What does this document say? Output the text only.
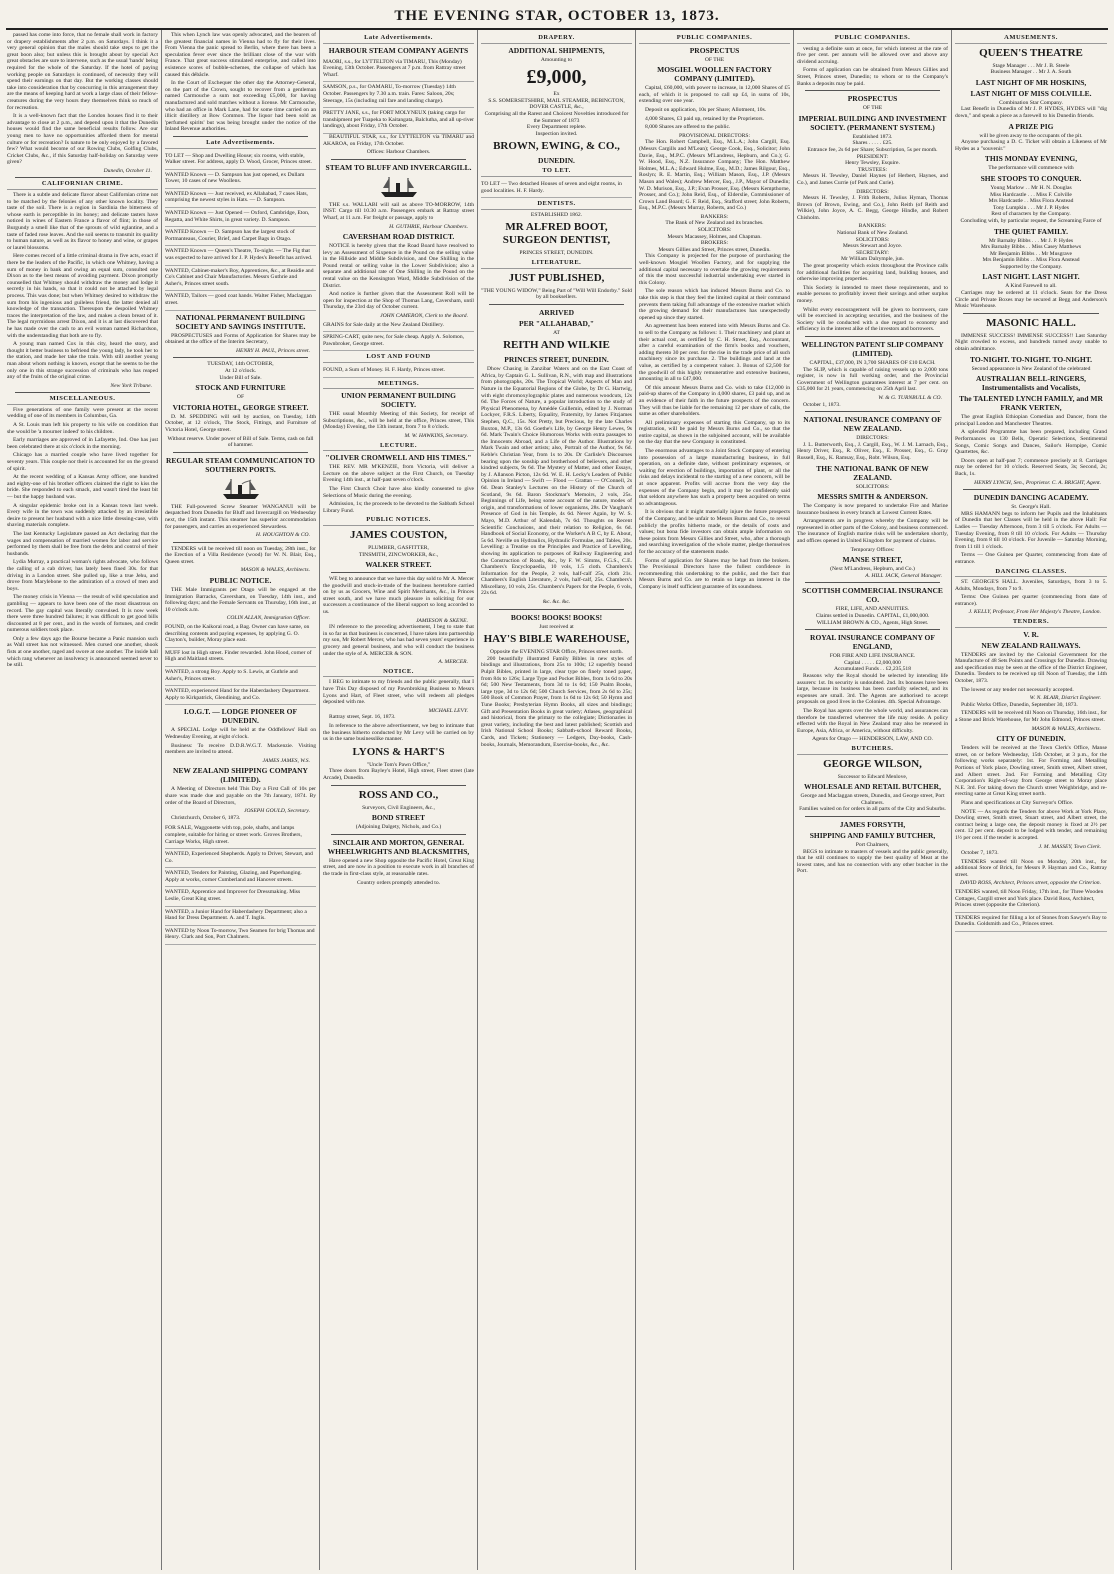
THE EVENING STAR, OCTOBER 13, 1873.

passed has come into force, that no female shall work in factory or drapery establishments after 2 p.m. on Saturdays. I think it a very general opinion that the males should take steps to get the great boon also; but unless this is brought about by special Act great obstacles are sure to intervene, such as the usual 'hands' being required for the whole of the Saturday. If the hotel of paying working people on Saturdays is continued, of necessity they will spend their earnings on that day. But the working classes should take into consideration that by concurring in this arrangement they are the means of keeping hard at work a large class of their fellow-creatures during the very hours they themselves think so much of for recreation.

It is a well-known fact that the London houses find it to their advantage to close at 2 p.m., and depend upon it that the Dunedin houses would find the same beneficial results follow. Are our young men to have no opportunities afforded them for mental culture or for recreation? Is nature to be only enjoyed by a favored few? What would become of our Rowing Clubs, Golfing Clubs, Cricket Clubs, &c., if this Saturday half-holiday on Saturday were given?

Dunedin, October 11.
CALIFORNIAN CRIME.

There is a subtle and delicate flavor about Californian crime not to be matched by the felonies of any other known locality. They taste of the soil. There is a region in Sardinia the bitterness of whose earth is perceptible in its honey; and delicate tasters have noticed in wines of Eastern France a flavor of flint; in those of Burgundy a smell like that of the sprouts of wild eglantine, and a taste of faded rose leaves. And the soil seems to transmit its quality to human nature, as well as its flavor to honey and wine, or grapes or laurel blossoms.

Here comes record of a little criminal drama in five acts, exact if there be the leaders of the Pacific, in which one Whitney, having a sum of money in bank and owing an equal sum, consulted one Dixon as to the best means of avoiding payment. Dixon promptly counselled that Whitney should withdraw the money and lodge it secretly in his hands, so that it could not be attached by legal process. This was done; but when Whitney desired to withdraw the sum from his ingenious and guileless friend, the latter denied all knowledge of the transaction. Thereupon the despoiled Whitney traces the interpretation of the law, and makes a clean breast of it. The legal myrmidons arrest Dixon, and it is at last discovered that he has made over the cash to an evil woman named Richardson, with the understanding that both are to fly.

A young man named Cox in this city, heard the story, and thought it better business to befriend the young lady, he took her to the station, and made her take the train. With still another young man about whom nothing is known, except that he seems to be the only one in this strange succession of criminals who has reaped any of the fruits of the original crime.

New York Tribune.
MISCELLANEOUS.

Five generations of one family were present at the recent wedding of one of its members in Columbus, Ga.

A St. Louis man left his property to his wife on condition that she would be 'a mourner indeed' to his children.

Early marriages are approved of in Lafayette, Ind. One has just been celebrated there at six o'clock in the morning.

Chicago has a married couple who have lived together for seventy years. This couple nor their is accounted for on the ground of spirit.

At the recent wedding of a Kansas Army officer, one hundred and eighty-one of his brother officers claimed the right to kiss the bride. She responded to each smack, and wasn't tired the least bit — but the happy husband was.

A singular epidemic broke out in a Kansas town last week. Every wife in the town was suddenly attacked by an irresistible desire to present her husband with a nice little dressing-case, with shaving materials complete.

The last Kentucky Legislature passed an Act declaring that the wages and compensation of married women for labor and service performed by them shall be free from the debts and control of their husbands.

Lydia Murray, a practical woman's rights advocate, who follows the calling of a cab driver, has lately been fined 30s. for that driving in a London street. She pulled up, like a true Jehu, and drove from Marylebone to the admiration of a crowd of men and boys.

The money crisis in Vienna — the result of wild speculation and gambling — appears to have been one of the most disastrous on record. The gay capital was literally convulsed. It is now week there were three hundred failures; it was difficult to get good bills discounted at 8 per cent., and in the words of fortunes, and credit numerous soldiers took place.

Only a few days ago the Bourse became a Panic mansion such as Wall street has not witnessed. Men cursed one another, shook fists at one another, raged and swore at one another. The inside hall which rang whenever an insolvency is announced seemed never to be still.

This when Lynch law was openly advocated, and the bearers of the greatest financial names in Vienna had to fly for their lives. From Vienna the panic spread to Berlin, where there has been a speculation fever ever since the brilliant close of the war with France. That great success stimulated enterprise, and called into existence scores of bubble-schemes, the collapse of which has caused this débâcle.

In the Court of Exchequer the other day the Attorney-General, on the part of the Crown, sought to recover from a gentleman named Carmouche a sum not exceeding £5,000, for having manufactured and sold matches without a license. Mr Carmouche, who had an office in Mark Lane, had for some time carried on an illicit distillery at Bow Common. The liquor had been sold as 'perfumed spirits' but was being brought under the notice of the Inland Revenue authorities.

Late Advertisements.
TO LET — Shop and Dwelling House; six rooms, with stable, Walker street. For address, apply D. Wood, Grocer, Princes street.
WANTED Known — D. Sampson has just opened, ex Dullam Tower, 10 cases of new Woollens.
WANTED Known — Just received, ex Allahabad, 7 cases Hats, comprising the newest styles in Hats. — D. Sampson.
WANTED Known — Just Opened — Oxford, Cambridge, Eton, Regatta, and White Shirts, in great variety. D. Sampson.
WANTED Known — D. Sampson has the largest stock of Portmanteaus, Courier, Brief, and Carpet Bags in Otago.
WANTED Known — Queen's Theatre, To-night. — The Fig that was expected to have arrived for J. P. Hydes's Benefit has arrived.
WANTED, Cabinet-maker's Boy, Apprentices, &c., at Reaidie and Co's Cabinet and Chair Manufactories. Messrs Guthrie and Asher's, Princes street south.
WANTED, Tailors — good coat hands. Walter Fisher, Maclaggan street.
NATIONAL PERMANENT BUILDING SOCIETY AND SAVINGS INSTITUTE.
PROSPECTUSES and Forms of Application for Shares may be obtained at the office of the Interim Secretary,
HENRY H. PAUL, Princes street.
TUESDAY, 14th OCTOBER,
At 12 o'clock.
Under Bill of Sale.
STOCK AND FURNITURE
OF
VICTORIA HOTEL, GEORGE STREET.
D. M. SPEDDING will sell by auction, on Tuesday, 14th October, at 12 o'clock, The Stock, Fittings, and Furniture of Victoria Hotel, George street.
Without reserve. Under power of Bill of Sale. Terms, cash on fall of hammer.
REGULAR STEAM COMMUNICATION TO SOUTHERN PORTS.
THE Full-powered Screw Steamer WANGANUI will be despatched from Dunedin for Bluff and Invercargill on Wednesday next, the 15th instant. This steamer has superior accommodation for passengers, and carries an experienced Stewardess.
H. HOUGHTON & CO.
TENDERS will be received till noon on Tuesday, 28th inst., for the Erection of a Villa Residence (wood) for W. N. Blair, Esq., Queen street.
MASON & WALES, Architects.
PUBLIC NOTICE.
THE Male Immigrants per Otago will be engaged at the Immigration Barracks, Caversham, on Tuesday, 14th inst., and following days; and the Female Servants on Thursday, 16th inst., at 10 o'clock a.m.
COLIN ALLAN, Immigration Officer.
FOUND, on the Kaikorai road, a Bag. Owner can have same, on describing contents and paying expenses, by applying G. O. Clayton's, builder, Moray place east.
MUFF lost in High street. Finder rewarded. John Hood, corner of High and Maitland streets.
WANTED, a strong Boy. Apply to S. Lewis, at Guthrie and Asher's, Princes street.
WANTED, experienced Hand for the Haberdashery Department. Apply to Kirkpatrick, Glendining, and Co.
I.O.G.T. — LODGE PIONEER OF DUNEDIN.
A SPECIAL Lodge will be held at the Oddfellows' Hall on Wednesday Evening, at eight o'clock.
Business: To receive D.D.R.W.G.T. Mackenzie. Visiting members are invited to attend.
JAMES JAMES, W.S.
NEW ZEALAND SHIPPING COMPANY (LIMITED).
A Meeting of Directors held This Day a First Call of 10s per share was made due and payable on the 7th January, 1874. By order of the Board of Directors,
JOSEPH GOULD, Secretary.
Christchurch, October 6, 1873.
FOR SALE, Waggonette with top, pole, shafts, and lamps complete, suitable for hiring or street work. Groves Brothers, Carriage Works, High street.
WANTED, Experienced Shepherds. Apply to Driver, Stewart, and Co.
WANTED, Tenders for Painting, Glazing, and Paperhanging. Apply at works, corner Cumberland and Hanover streets.
WANTED, Apprentice and Improver for Dressmaking. Miss Leslie, Great King street.
WANTED, a Junior Hand for Haberdashery Department; also a Hand for Dress Department. A. and T. Inglis.
WANTED by Noon To-morrow, Two Seamen for brig Thomas and Henry. Clark and Son, Port Chalmers.
Late Advertisements.
HARBOUR STEAM COMPANY AGENTS
MAORI, s.s., for LYTTELTON via TIMARU, This (Monday) Evening, 13th October. Passengers at 7 p.m. from Rattray street Wharf.
SAMSON, p.s., for OAMARU, To-morrow (Tuesday) 14th October. Passengers by 7.30 a.m. train. Fares: Saloon, 20s; Steerage, 15s (including rail fare and landing charge).
PRETTY JANE, s.s., for FORT MOLYNEUX (taking cargo for transhipment per Tuapeka to Kaitangata, Balclutha, and all up-river landings), about Friday, 17th October.
BEAUTIFUL STAR, s.s., for LYTTELTON via TIMARU and AKAROA, on Friday, 17th October.
Offices: Harbour Chambers.
STEAM TO BLUFF AND INVERCARGILL.
THE s.s. WALLABI will sail as above TO-MORROW, 14th INST. Cargo till 10.30 a.m. Passengers embark at Rattray street Wharf, at 11 a.m. For freight or passage, apply to
H. GUTHRIE, Harbour Chambers.
CAVERSHAM ROAD DISTRICT.
NOTICE is hereby given that the Road Board have resolved to levy an Assessment of Sixpence in the Pound on the selling value in the Hillside and Middle Subdivision, and One Shilling in the Pound rental or selling value in the Lower Subdivision; also a separate and additional rate of One Shilling in the Pound on the rental value on the Kensington Ward, Middle Subdivision of the District.
And notice is further given that the Assessment Roll will be open for inspection at the Shop of Thomas Lang, Caversham, until Thursday, the 23rd day of October current.
JOHN CAMERON, Clerk to the Board.
GRAINS for Sale daily at the New Zealand Distillery.
SPRING-CART, quite new, for Sale cheap. Apply A. Solomon, Pawnbroker, George street.
LOST AND FOUND
FOUND, a Sum of Money. H. F. Hardy, Princes street.
MEETINGS.
UNION PERMANENT BUILDING SOCIETY.
THE usual Monthly Meeting of this Society, for receipt of Subscriptions, &c., will be held at the office, Princes street, This (Monday) Evening, the 13th instant, from 7 to 8 o'clock.
M. W. HAWKINS, Secretary.
LECTURE.
"OLIVER CROMWELL AND HIS TIMES."
THE REV. MR M'KENZIE, from Victoria, will deliver a Lecture on the above subject at the First Church, on Tuesday Evening 14th inst., at half-past seven o'clock.
The First Church Choir have also kindly consented to give Selections of Music during the evening.
Admission, 1s; the proceeds to be devoted to the Sabbath School Library Fund.
PUBLIC NOTICES.
JAMES COUSTON,
PLUMBER, GASFITTER,
TINSMITH, ZINCWORKER, &c.,
WALKER STREET.
WE beg to announce that we have this day sold to Mr A. Mercer the goodwill and stock-in-trade of the business heretofore carried on by us as Grocers, Wine and Spirit Merchants, &c., in Princes street south, and we have much pleasure in soliciting for our successors a continuance of the liberal support so long accorded to us.
JAMIESON & SKENE.
IN reference to the preceding advertisement, I beg to state that in so far as that business is concerned, I have taken into partnership my son, Mr Robert Mercer, who has had seven years' experience in grocery and general business, and who will conduct the business under the style of A. MERCER & SON.
A. MERCER.
NOTICE.
I BEG to intimate to my friends and the public generally, that I have This Day disposed of my Pawnbroking Business to Messrs Lyons and Hart, of Fleet street, who will redeem all pledges deposited with me.
MICHAEL LEVY.
Rattray street, Sept. 16, 1873.
In reference to the above advertisement, we beg to intimate that the business hitherto conducted by Mr Levy will be carried on by us in the same businesslike manner.
LYONS & HART'S
"Uncle Tom's Pawn Office,"
Three doors from Bayley's Hotel, High street, Fleet street (late Arcade), Dunedin.
ROSS AND CO.,
Surveyors, Civil Engineers, &c.,
BOND STREET
(Adjoining Dalgety, Nichols, and Co.)
SINCLAIR AND MORTON, GENERAL WHEELWRIGHTS AND BLACKSMITHS,
Have opened a new Shop opposite the Pacific Hotel, Great King street, and are now in a position to execute work in all branches of the trade in first-class style, at reasonable rates.
Country orders promptly attended to.
DRAPERY.
ADDITIONAL SHIPMENTS,
Amounting to
£9,000,
Ex
S.S. SOMERSETSHIRE, MAIL STEAMER, BEBINGTON, DOVER CASTLE, &c.,
Comprising all the Rarest and Choicest Novelties introduced for the Summer of 1873
Every Department replete.
Inspection invited.
BROWN, EWING, & CO.,
DUNEDIN.
TO LET.
TO LET — Two detached Houses of seven and eight rooms, in good localities. H. F. Hardy.
DENTISTS.
ESTABLISHED 1862.
MR ALFRED BOOT, SURGEON DENTIST,
PRINCES STREET, DUNEDIN.
LITERATURE.
JUST PUBLISHED,
"THE YOUNG WIDOW," Being Part of "Will Will Endorby." Sold by all booksellers.
ARRIVED
PER "ALLAHABAD,"
AT
REITH AND WILKIE
PRINCES STREET, DUNEDIN.
Dhow Chasing in Zanzibar Waters and on the East Coast of Africa, by Captain G. L. Sullivan, R.N., with map and illustrations from photographs, 20s. The Tropical World; Aspects of Man and Nature in the Equatorial Regions of the Globe, by Dr G. Hartwig, with eight chromoxylographic plates and numerous woodcuts, 12s 6d. The Forces of Nature, a popular introduction to the study of Physical Phenomena, by Amédée Guillemin, edited by J. Norman Lockyer, F.R.S. Liberty, Equality, Fraternity, by James Fitzjames Stephen, Q.C., 15s. Not Pretty, but Precious, by the late Charles Buxton, M.P., 13s 6d. Goethe's Life, by George Henry Lewes, 9s 6d. Mark Twain's Choice Humorous Works with extra passages to the Innocents Abroad, and a Life of the Author. Illustrations by Mark Twain and other artists; also, Portrait of the Author, 9s 6d. Keble's Christian Year, from 1s to 20s. Dr Carlisle's Discourses bearing upon the sonship and brotherhood of believers, and other kindred subjects, 9s 6d. The Mystery of Matter, and other Essays, by J. Allanson Picton, 12s 6d. W. E. H. Lecky's Leaders of Public Opinion in Ireland — Swift — Flood — Grattan — O'Connell, 2s 6d. Dean Stanley's Lectures on the History of the Church of Scotland, 9s 6d. Baron Stockmar's Memoirs, 2 vols, 25s. Beginnings of Life, being some account of the nature, modes of origin, and transformations of lower organisms, 28s. Dr Vaughan's Presence of God in his Temple, 4s 6d. Never Again, by W. S. Mayo, M.D. Arthur of Kalendah, 7s 6d. Thoughts on Recent Scientific Conclusions, and their relation to Religion, 6s 6d. Handbook of Social Economy, or the Worker's A B C, by E. About, 5s 6d. Neville on Hydraulics, Hydraulic Formulae, and Tables, 20s. Levelling: a Treatise on the Principles and Practice of Levelling, showing its application to purposes of Railway Engineering and the Construction of Roads, &c., by F. W. Simms, F.G.S., C.E. Chambers's Encyclopaedia, 10 vols, 1.5 cloth. Chambers's Information for the People, 2 vols, half-calf 25s, cloth 21s. Chambers's English Literature, 2 vols, half-calf, 25s. Chambers's Miscellany, 10 vols, 25s. Chambers's Papers for the People, 6 vols, 22s 6d.
&c. &c. &c.
BOOKS! BOOKS! BOOKS!
Just received at
HAY'S BIBLE WAREHOUSE,
Opposite the EVENING STAR Office, Princes street north.
200 beautifully illustrated Family Bibles in new styles of bindings and illustrations, from 25s to 100s; 12 superbly bound Pulpit Bibles, printed in large, clear type on finely toned paper, from 84s to 126s; Large Type and Pocket Bibles, from 1s 6d to 20s 6d; 500 New Testaments, from 3d to 1s 6d; 150 Psalm Books, large type, 3d to 12s 6d; 500 Church Services, from 2s 6d to 25s; 500 Book of Common Prayer, from 1s 6d to 12s 6d; 50 Hymn and Tune Books; Presbyterian Hymn Books, all sizes and bindings; Gift and Presentation Books in great variety; Atlases, geographical and historical, from the primary to the collegiate; Dictionaries in great variety, including the best and latest published; Scottish and Irish National School Books; Sabbath-school Reward Books, Cards, and Tickets; Stationery — Ledgers, Day-books, Cash-books, Journals, Memorandum, Exercise-books, &c., &c.
PUBLIC COMPANIES.
PROSPECTUS
OF THE
MOSGIEL WOOLLEN FACTORY COMPANY (LIMITED).
Capital, £60,000, with power to increase, in 12,000 Shares of £5 each, of which it is proposed to call up £4, in sums of 10s, extending over one year.
Deposit on application, 10s per Share; Allotment, 10s.
4,000 Shares, £3 paid up, retained by the Proprietors.
8,000 Shares are offered to the public.
PROVISIONAL DIRECTORS:
The Hon. Robert Campbell, Esq., M.L.A.; John Cargill, Esq. (Messrs Cargills and M'Lean); George Cook, Esq., Solicitor; John Davie, Esq., M.P.C. (Messrs M'Landress, Hepburn, and Co.); G. W. Hood, Esq., N.Z. Insurance Company; The Hon. Matthew Holmes, M.L.A.; Edward Hulme, Esq., M.D.; James Rilgour, Esq., Roslyn; R. E. Martin, Esq.; William Mason, Esq., J.P. (Messrs Mason and Wales); Andrew Mercer, Esq., J.P., Mayor of Dunedin; W. D. Murison, Esq., J.P.; Evan Prosser, Esq. (Messrs Kempthorne, Prosser, and Co.); John Reid, Esq., of Elderslie, Commissioner of Crown Land Board; G. F. Reid, Esq., Stafford street; John Roberts, Esq., M.P.C. (Messrs Murray, Roberts, and Co.)
BANKERS:
The Bank of New Zealand and its branches.
SOLICITORS:
Messrs Macassey, Holmes, and Chapman.
BROKERS:
Messrs Gillies and Street, Princes street, Dunedin.

This Company is projected for the purpose of purchasing the well-known Mosgiel Woollen Factory, and for supplying the additional capital necessary to overtake the growing requirements of this the most successful industrial undertaking ever started in this Colony.

The sole reason which has induced Messrs Burns and Co. to take this step is that they feel the limited capital at their command prevents them taking full advantage of the extensive market which the growing demand for their manufactures has unexpectedly opened up since they started.

An agreement has been entered into with Messrs Burns and Co. to sell to the Company as follows: 1. Their machinery and plant at their actual cost, as certified by C. H. Street, Esq., Accountant, after a careful examination of the firm's books and vouchers, adding thereto 30 per cent. for the rise in the trade price of all such machinery since its purchase. 2. The buildings and land at the value, as certified by a competent valuer. 3. Bonus of £2,500 for the goodwill of this highly remunerative and extensive business, amounting in all to £47,000.

Of this amount Messrs Burns and Co. wish to take £12,000 in paid-up shares of the Company in 4,000 shares, £3 paid up, and as an evidence of their faith in the future prospects of the concern. They will thus be liable for the remaining 12 per share of calls, the same as other shareholders.

All preliminary expenses of starting this Company, up to its registration, will be paid by Messrs Burns and Co., so that the entire capital, as shown in the subjoined account, will be available on the day that the new Company is constituted.

The enormous advantages to a Joint Stock Company of entering into possession of a large manufacturing business, in full operation, on a definite date, without preliminary expenses, or waiting for erection of buildings, importation of plant, or all the risks and delays incidental to the starting of a new concern, will be at once apparent. Profits will accrue from the very day the expenses of the Company begin, and it may be confidently said that seldom anywhere has such a property been acquired on terms so advantageous.

It is obvious that it might materially injure the future prospects of the Company, and be unfair to Messrs Burns and Co., to reveal publicly the profits hitherto made, or the details of costs and values; but bona fide investors can obtain ample information on these points from Messrs Gillies and Street, who, after a thorough and searching investigation of the whole matter, pledge themselves for the accuracy of the statements made.

Forms of application for Shares may be had from the brokers. The Provisional Directors have the fullest confidence in recommending this undertaking to the public, and the fact that Messrs Burns and Co. are to retain so large an interest in the Company is itself sufficient guarantee of its soundness.

PUBLIC COMPANIES.

vesting a definite sum at once, for which interest at the rate of five per cent. per annum will be allowed over and above any dividend accruing.

Forms of application can be obtained from Messrs Gillies and Street, Princes street, Dunedin; to whom or to the Company's Banks a deposits may be paid.

PROSPECTUS
OF THE
IMPERIAL BUILDING AND INVESTMENT SOCIETY. (PERMANENT SYSTEM.)
Established 1873.
Shares . . . . . £25.
Entrance fee, 2s 6d per Share; Subscription, 5s per month.
PRESIDENT:
Henry Tewsley, Esquire.
TRUSTEES:
Messrs H. Tewsley, Daniel Haynes (of Herbert, Haynes, and Co.), and James Currie (of Park and Curie).
DIRECTORS:
Messrs H. Tewsley, J. Frith Roberts, Julius Hyman, Thomas Brown (of Brown, Ewing, and Co.), John Reith (of Reith and Wilkie), John Joyce, A. C. Begg, George Hindle, and Robert Chisholm.
BANKERS:
National Bank of New Zealand.
SOLICITORS:
Messrs Stewart and Joyce.
SECRETARY:
Mr William Dalrymple, jun.

The great prosperity which exists throughout the Province calls for additional facilities for acquiring land, building houses, and otherwise improving properties.

This Society is intended to meet these requirements, and to enable persons to profitably invest their savings and other surplus money.

Whilst every encouragement will be given to borrowers, care will be exercised in accepting securities, and the business of the Society will be conducted with a due regard to economy and efficiency in the interest alike of the investors and borrowers.

WELLINGTON PATENT SLIP COMPANY (LIMITED).
CAPITAL, £37,000, IN 3,700 SHARES OF £10 EACH.

The SLIP, which is capable of raising vessels up to 2,000 tons register, is now in full working order, and the Provincial Government of Wellington guarantees interest at 7 per cent. on £35,000 for 21 years, commencing on 25th April last.

W. & G. TURNBULL & CO.
October 1, 1873.
NATIONAL INSURANCE COMPANY OF NEW ZEALAND.
DIRECTORS:
J. L. Butterworth, Esq., J. Cargill, Esq., W. J. M. Larnach, Esq., Henry Driver, Esq., R. Oliver, Esq., E. Prosser, Esq., G. Gray Russell, Esq., K. Ramsay, Esq., Robt. Wilson, Esq.
THE NATIONAL BANK OF NEW ZEALAND.
SOLICITORS:
MESSRS SMITH & ANDERSON.

The Company is now prepared to undertake Fire and Marine Insurance business in every branch at Lowest Current Rates.

Arrangements are in progress whereby the Company will be represented in other parts of the Colony, and business commenced. The insurance of English marine risks will be undertaken shortly, and offices opened in United Kingdom for payment of claims.

Temporary Offices:
MANSE STREET,
(Next M'Landress, Hepburn, and Co.)
A. HILL JACK, General Manager.
SCOTTISH COMMERCIAL INSURANCE CO.
FIRE, LIFE, AND ANNUITIES.
Claims settled in Dunedin. CAPITAL, £1,000,000.
WILLIAM BROWN & CO., Agents, High Street.
ROYAL INSURANCE COMPANY OF ENGLAND,
FOR FIRE AND LIFE INSURANCE.
Capital . . . . . £2,000,000
Accumulated Funds . . £2,235,518

Reasons why the Royal should be selected by intending life assurers: 1st. Its security is undoubted. 2nd. Its bonuses have been large, because its business has been carefully selected, and its expenses are small. 3rd. The Agents are authorised to accept proposals on good lives in the Colonies. 4th. Special Advantage.

The Royal has agents over the whole world, and assurances can therefore be transferred wherever the life may reside. A policy effected with the Royal in New Zealand may also be renewed in Europe, Asia, Africa, or America, without difficulty.

Agents for Otago — HENDERSON, LAW, AND CO.
BUTCHERS.
GEORGE WILSON,
Successor to Edward Menlove,
WHOLESALE AND RETAIL BUTCHER,
George and Maclaggan streets, Dunedin, and George street, Port Chalmers.
Families waited on for orders in all parts of the City and Suburbs.
JAMES FORSYTH,
SHIPPING AND FAMILY BUTCHER,
Port Chalmers,
BEGS to intimate to masters of vessels and the public generally, that he still continues to supply the best quality of Meat at the lowest rates, and has no connection with any other butcher in the Port.
AMUSEMENTS.
QUEEN'S THEATRE
Stage Manager . . . Mr J. B. Steele
Business Manager . . Mr J. A. South
LAST NIGHT OF MR HOSKINS,
LAST NIGHT OF MISS COLVILLE.
Combination Star Company.
Last Benefit in Dunedin of Mr J. P. HYDES, HYDES will "dig down," and speak a piece as a farewell to his Dunedin friends.
A PRIZE PIG
will be given away to the occupants of the pit.
Anyone purchasing a D. C. Ticket will obtain a Likeness of Mr Hydes as a "souvenir."
THIS MONDAY EVENING,
The performance will commence with
SHE STOOPS TO CONQUER.
Young Marlow . . Mr H. N. Douglas
Miss Hardcastle . . . Miss F. Colville
Mrs Hardcastle . . Miss Flora Anstead
Tony Lumpkin . . . Mr J. P. Hydes
Rest of characters by the Company.
Concluding with, by particular request, the Screaming Farce of
THE QUIET FAMILY.
Mr Barnaby Bibbs . . . Mr J. P. Hydes
Mrs Barnaby Bibbs . . Miss Casey Matthews
Mr Benjamin Bibbs . . Mr Musgrave
Mrs Benjamin Bibbs . . Miss Flora Anstead
Supported by the Company.
LAST NIGHT. LAST NIGHT.
A Kind Farewell to all.
Carriages may be ordered at 11 o'clock. Seats for the Dress Circle and Private Boxes may be secured at Begg and Anderson's Music Warehouse.
MASONIC HALL.
IMMENSE SUCCESS! IMMENSE SUCCESS!! Last Saturday Night crowded to excess, and hundreds turned away unable to obtain admittance.
TO-NIGHT. TO-NIGHT. TO-NIGHT.
Second appearance in New Zealand of the celebrated
AUSTRALIAN BELL-RINGERS, Instrumentalists and Vocalists,
The TALENTED LYNCH FAMILY, and MR FRANK VERTEN,
The great English Ethiopian Comedian and Dancer, from the principal London and Manchester Theatres.
A splendid Programme has been prepared, including Grand Performances on 130 Bells, Operatic Selections, Sentimental Songs, Comic Songs and Dances, Sailor's Hornpipe, Comic Quartettes, &c.
Doors open at half-past 7; commence precisely at 8. Carriages may be ordered for 10 o'clock. Reserved Seats, 3s; Second, 2s; Back, 1s.
HENRY LYNCH, Sen., Proprietor. C. A. BRIGHT, Agent.
DUNEDIN DANCING ACADEMY.
St. George's Hall.
MRS HAMANN begs to inform her Pupils and the Inhabitants of Dunedin that her Classes will be held in the above Hall: For Ladies — Tuesday Afternoon, from 3 till 5 o'clock. For Adults — Tuesday Evening, from 8 till 10 o'clock. For Adults — Thursday Evening, from 8 till 10 o'clock. For Juvenile — Saturday Morning, from 11 till 1 o'clock.
Terms — One Guinea per Quarter, commencing from date of entrance.
DANCING CLASSES.
ST. GEORGE'S HALL. Juveniles, Saturdays, from 3 to 5. Adults, Mondays, from 7 to 9.
Terms: One Guinea per quarter (commencing from date of entrance).
J. KELLY, Professor, From Her Majesty's Theatre, London.
TENDERS.
V. R.
NEW ZEALAND RAILWAYS.
TENDERS are invited by the Colonial Government for the Manufacture of 48 Sets Points and Crossings for Dunedin. Drawing and specification may be seen at the office of the District Engineer, Dunedin. Tenders to be received up till Noon of Tuesday, the 14th October, 1873.
The lowest or any tender not necessarily accepted.
W. N. BLAIR, District Engineer.
Public Works Office, Dunedin, September 30, 1873.
TENDERS will be received till Noon on Thursday, 16th inst., for a Stone and Brick Warehouse, for Mr John Edmond, Princes street.
MASON & WALES, Architects.
CITY OF DUNEDIN.
Tenders will be received at the Town Clerk's Office, Manse street, on or before Wednesday, 15th October, at 3 p.m., for the following works separately: 1st. For Forming and Metalling Portions of York place, Dowling street, Smith street, Albert street, and Albert street. 2nd. For Forming and Metalling City Corporation's Right-of-way from George street to Moray place N.E. 3rd. For taking down the Church street Weighbridge, and re-erecting same at Great King street north.
Plans and specifications at City Surveyor's Office.
NOTE — As regards the Tenders for above Work at York Place, Dowling street, Smith street, Stuart street, and Albert street, the contract being a large one, the deposit money is fixed at 2½ per cent. 12 per cent. deposit to be lodged with tender, and remaining 1½ per cent. if the tender is accepted.
J. M. MASSEY, Town Clerk.
October 7, 1873.
TENDERS wanted till Noon on Monday, 20th inst., for additional Store of Brick, for Messrs P. Hayman and Co., Rattray street.
DAVID ROSS, Architect, Princes street, opposite the Criterion.
TENDERS wanted, till Noon Friday, 17th inst., for Three Wooden Cottages, Cargill street and York place. David Ross, Architect, Princes street (opposite the Criterion).
TENDERS required for filling a lot of Stones from Sawyer's Bay to Dunedin. Goldsmith and Co., Princes street.
